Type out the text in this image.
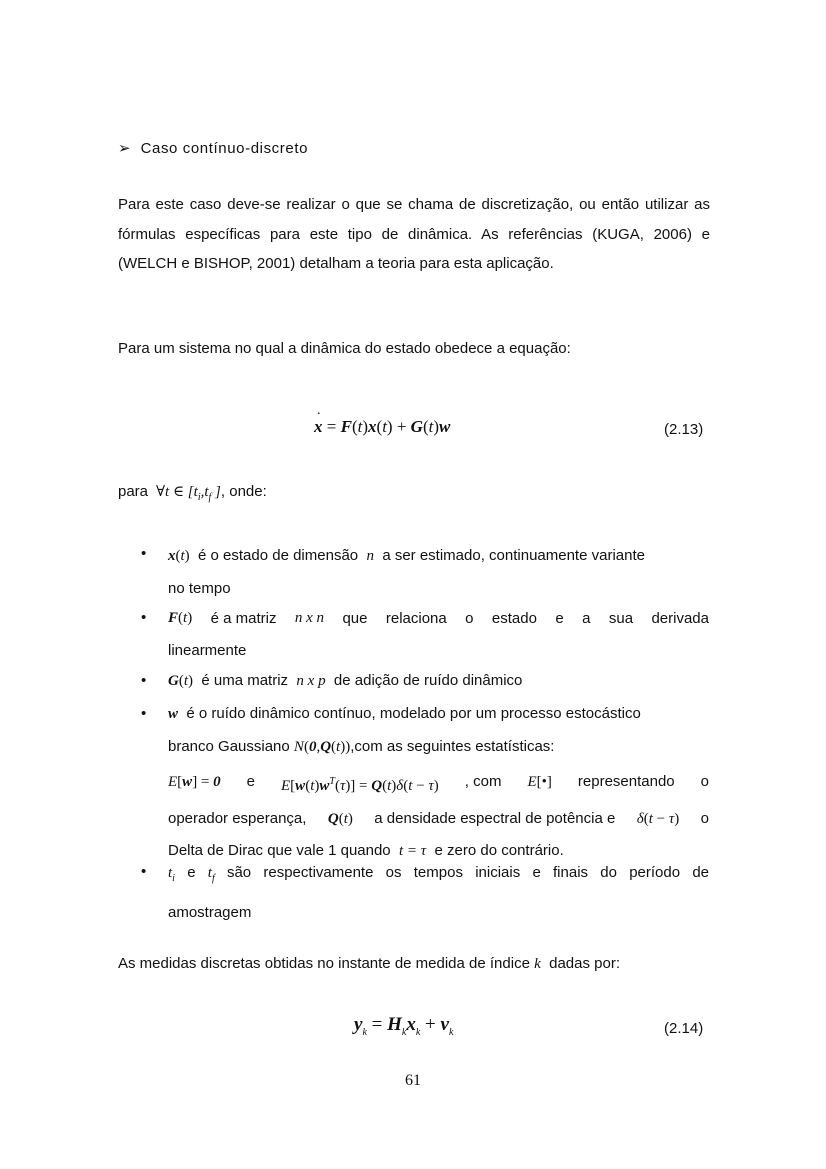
➢ Caso contínuo-discreto
Para este caso deve-se realizar o que se chama de discretização, ou então utilizar as fórmulas específicas para este tipo de dinâmica. As referências (KUGA, 2006) e (WELCH e BISHOP, 2001) detalham a teoria para esta aplicação.
Para um sistema no qual a dinâmica do estado obedece a equação:
.
x = F(t)x(t) + G(t)w	(2.13)
para  ∀t ∈ [$t_i,t_f$ ], onde:
• x(t) é o estado de dimensão n a ser estimado, continuamente variante
no tempo
• F(t) é a matriz n x n que relaciona o estado e a sua derivada
linearmente
• G(t) é uma matriz n x p de adição de ruído dinâmico
• w é o ruído dinâmico contínuo, modelado por um processo estocástico
branco Gaussiano N(0,Q(t)),com as seguintes estatísticas:
E[w] = 0 e $E[w(t)w^T(\tau)] = Q(t)\delta(t - \tau)$ , com E[•] representando o
operador esperança, Q(t) a densidade espectral de potência e δ(t − τ) o
Delta de Dirac que vale 1 quando t = τ e zero do contrário.
• $t_i$ e $t_f$ são respectivamente os tempos iniciais e finais do período de
amostragem
As medidas discretas obtidas no instante de medida de índice k dadas por:
$y_k = H_kx_k + v_k$	(2.14)
61
